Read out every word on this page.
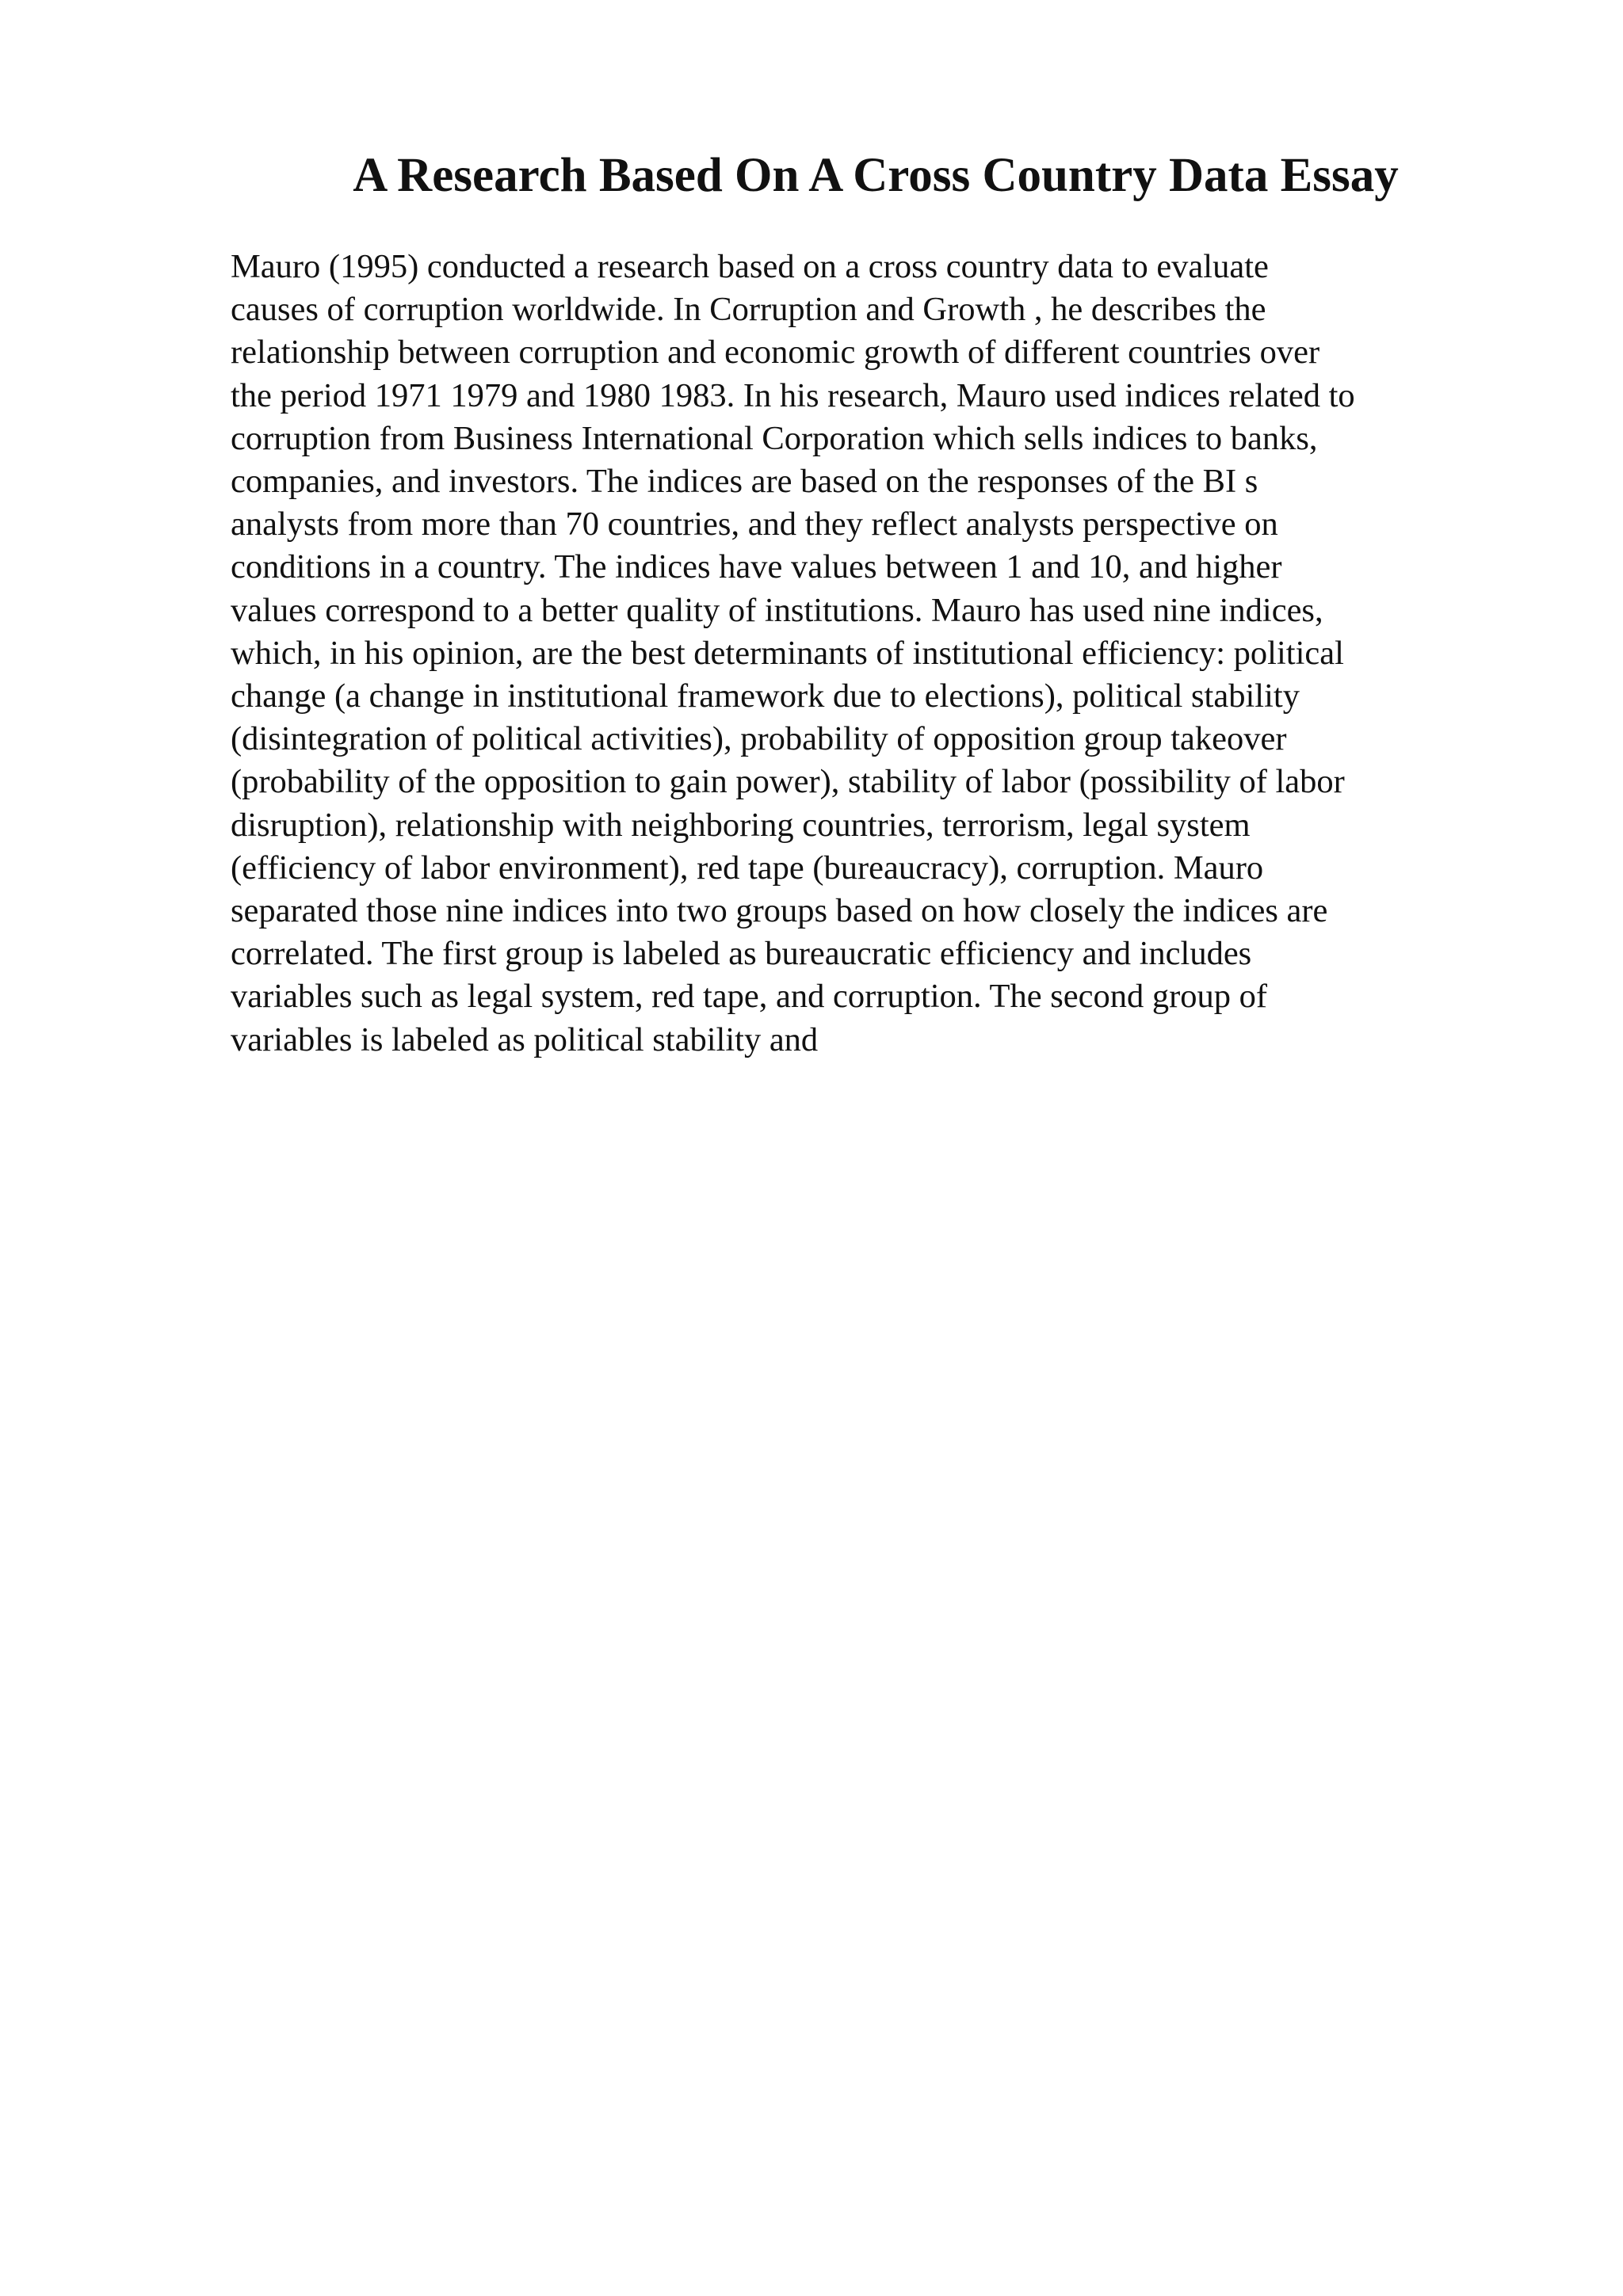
A Research Based On A Cross Country Data Essay
Mauro (1995) conducted a research based on a cross country data to evaluate
causes of corruption worldwide. In Corruption and Growth , he describes the
relationship between corruption and economic growth of different countries over
the period 1971 1979 and 1980 1983. In his research, Mauro used indices related to
corruption from Business International Corporation which sells indices to banks,
companies, and investors. The indices are based on the responses of the BI s
analysts from more than 70 countries, and they reflect analysts perspective on
conditions in a country. The indices have values between 1 and 10, and higher
values correspond to a better quality of institutions. Mauro has used nine indices,
which, in his opinion, are the best determinants of institutional efficiency: political
change (a change in institutional framework due to elections), political stability
(disintegration of political activities), probability of opposition group takeover
(probability of the opposition to gain power), stability of labor (possibility of labor
disruption), relationship with neighboring countries, terrorism, legal system
(efficiency of labor environment), red tape (bureaucracy), corruption. Mauro
separated those nine indices into two groups based on how closely the indices are
correlated. The first group is labeled as bureaucratic efficiency and includes
variables such as legal system, red tape, and corruption. The second group of
variables is labeled as political stability and
